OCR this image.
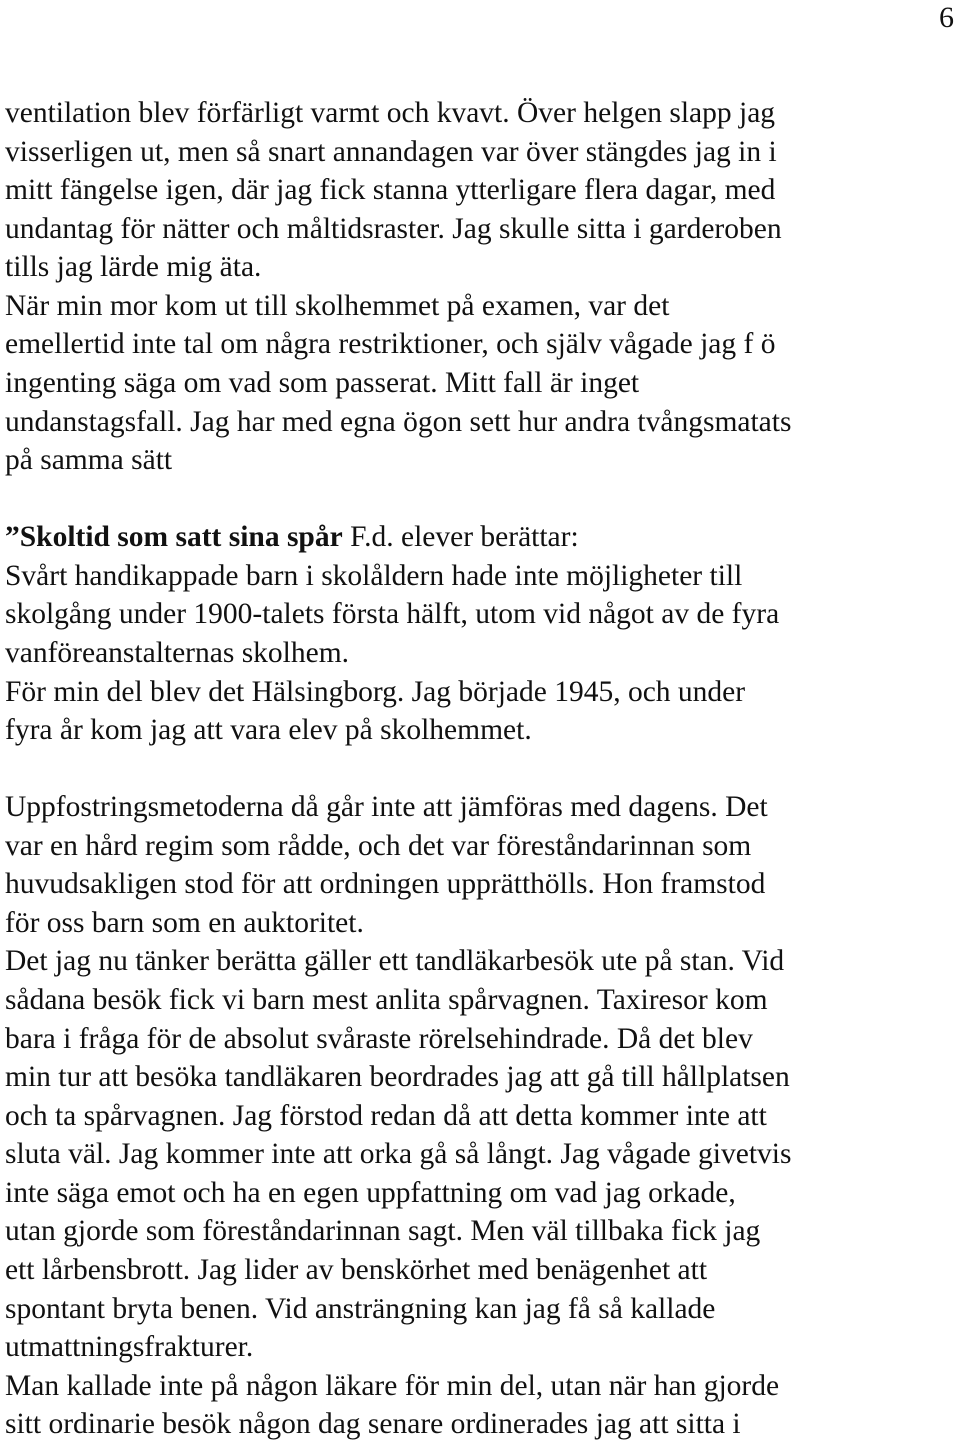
6
ventilation blev förfärligt varmt och kvavt. Över helgen slapp jag
visserligen ut, men så snart annandagen var över stängdes jag in i
mitt fängelse igen, där jag fick stanna ytterligare flera dagar, med
undantag för nätter och måltidsraster. Jag skulle sitta i garderoben
tills jag lärde mig äta.
När min mor kom ut till skolhemmet på examen, var det
emellertid inte tal om några restriktioner, och själv vågade jag f ö
ingenting säga om vad som passerat. Mitt fall är inget
undanstagsfall. Jag har med egna ögon sett hur andra tvångsmatats
på samma sätt
”Skoltid som satt sina spår F.d. elever berättar:
Svårt handikappade barn i skolåldern hade inte möjligheter till
skolgång under 1900-talets första hälft, utom vid något av de fyra
vanföreanstalternas skolhem.
För min del blev det Hälsingborg. Jag började 1945, och under
fyra år kom jag att vara elev på skolhemmet.
Uppfostringsmetoderna då går inte att jämföras med dagens. Det
var en hård regim som rådde, och det var föreståndarinnan som
huvudsakligen stod för att ordningen upprätthölls. Hon framstod
för oss barn som en auktoritet.
Det jag nu tänker berätta gäller ett tandläkarbesök ute på stan. Vid
sådana besök fick vi barn mest anlita spårvagnen. Taxiresor kom
bara i fråga för de absolut svåraste rörelsehindrade. Då det blev
min tur att besöka tandläkaren beordrades jag att gå till hållplatsen
och ta spårvagnen. Jag förstod redan då att detta kommer inte att
sluta väl. Jag kommer inte att orka gå så långt. Jag vågade givetvis
inte säga emot och ha en egen uppfattning om vad jag orkade,
utan gjorde som föreståndarinnan sagt. Men väl tillbaka fick jag
ett lårbensbrott. Jag lider av benskörhet med benägenhet att
spontant bryta benen. Vid ansträngning kan jag få så kallade
utmattningsfrakturer.
Man kallade inte på någon läkare för min del, utan när han gjorde
sitt ordinarie besök någon dag senare ordinerades jag att sitta i
